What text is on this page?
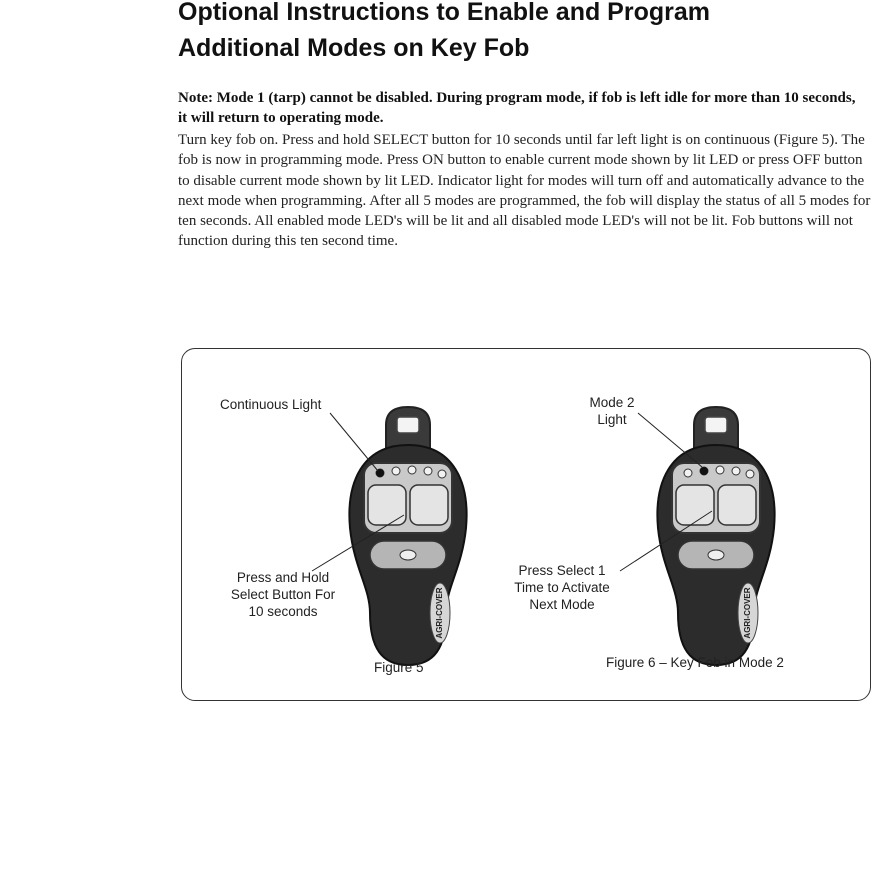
Optional Instructions to Enable and Program
Additional Modes on Key Fob

Note: Mode 1 (tarp) cannot be disabled. During program mode, if fob is left idle for more than 10 seconds, it will return to operating mode.

Turn key fob on. Press and hold SELECT button for 10 seconds until far left light is on continuous (Figure 5). The fob is now in programming mode. Press ON button to enable current mode shown by lit LED or press OFF button to disable current mode shown by lit LED. Indicator light for modes will turn off and automatically advance to the next mode when programming. After all 5 modes are programmed, the fob will display the status of all 5 modes for ten seconds. All enabled mode LED's will be lit and all disabled mode LED's will not be lit. Fob buttons will not function during this ten second time.

AGRI-COVER	AGRI-COVER
Continuous Light
Press and Hold
Select Button For
10 seconds
Figure 5
Mode 2
Light
Press Select 1
Time to Activate
Next Mode
Figure 6 – Key Fob in Mode 2
